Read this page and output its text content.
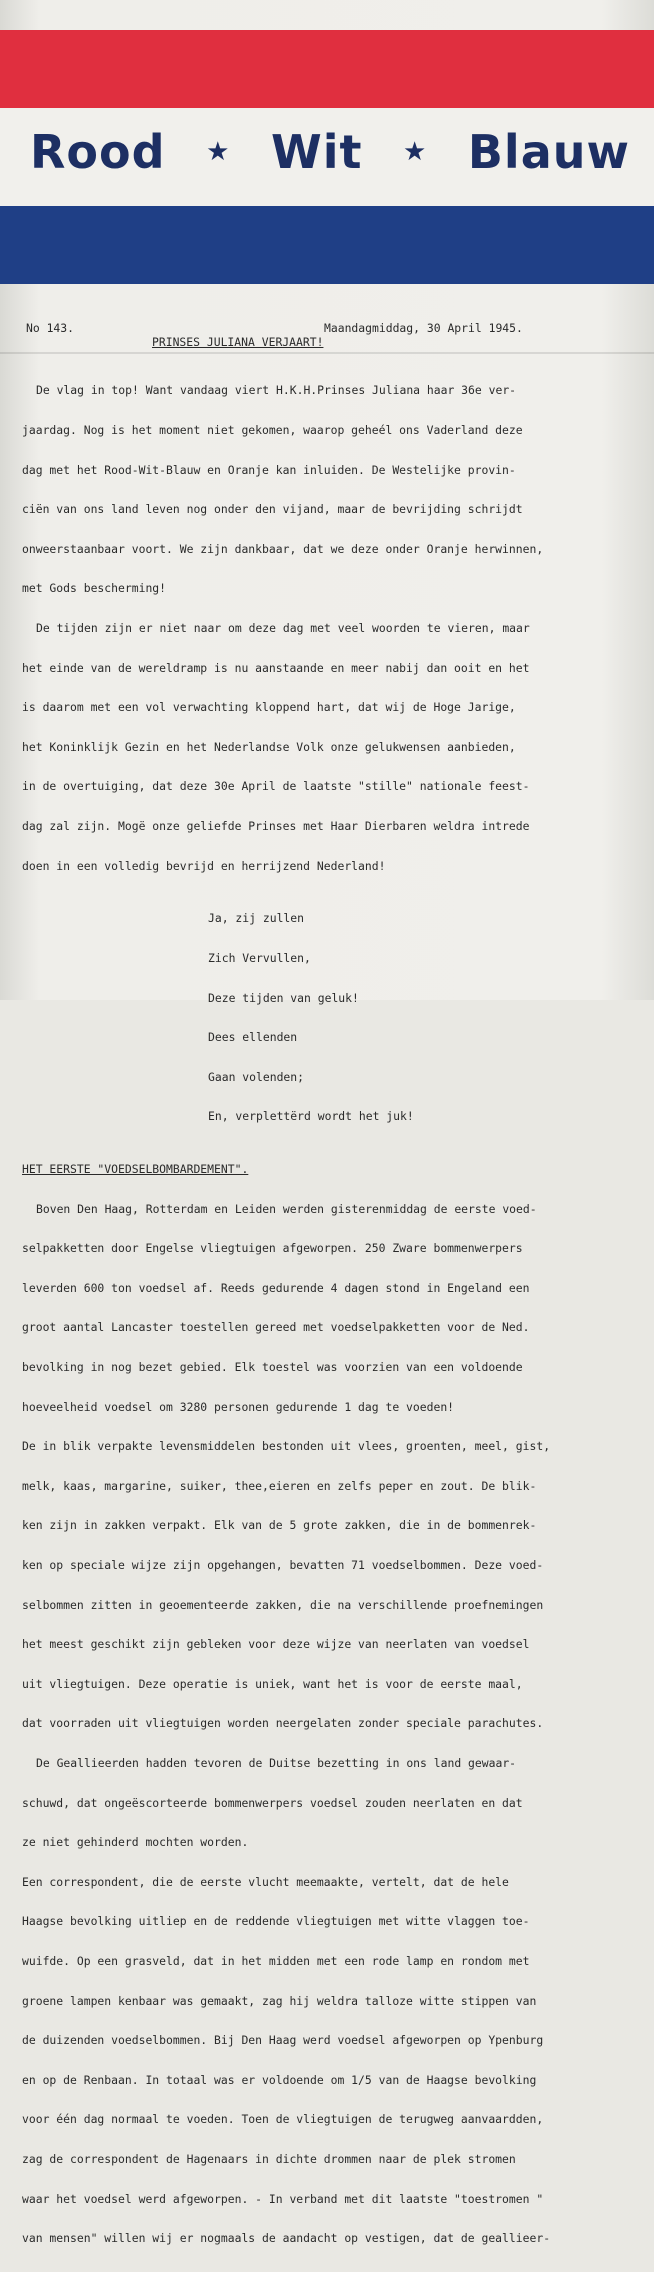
Rood ★ Wit ★ Blauw

No 143.

	Maandagmiddag, 30 April 1945.

PRINSES JULIANA VERJAART!

De vlag in top! Want vandaag viert H.K.H.Prinses Juliana haar 36e ver-

jaardag. Nog is het moment niet gekomen, waarop geheél ons Vaderland deze

dag met het Rood-Wit-Blauw en Oranje kan inluiden. De Westelijke provin-

ciën van ons land leven nog onder den vijand, maar de bevrijding schrijdt

onweerstaanbaar voort. We zijn dankbaar, dat we deze onder Oranje herwinnen,

met Gods bescherming!

De tijden zijn er niet naar om deze dag met veel woorden te vieren, maar

het einde van de wereldramp is nu aanstaande en meer nabij dan ooit en het

is daarom met een vol verwachting kloppend hart, dat wij de Hoge Jarige,

het Koninklijk Gezin en het Nederlandse Volk onze gelukwensen aanbieden,

in de overtuiging, dat deze 30e April de laatste "stille" nationale feest-

dag zal zijn. Mogë onze geliefde Prinses met Haar Dierbaren weldra intrede

doen in een volledig bevrijd en herrijzend Nederland!

Ja, zij zullen

Zich Vervullen,

Deze tijden van geluk!

Dees ellenden

Gaan volenden;

En, verplettërd wordt het juk!

HET EERSTE "VOEDSELBOMBARDEMENT".

Boven Den Haag, Rotterdam en Leiden werden gisterenmiddag de eerste voed-

selpakketten door Engelse vliegtuigen afgeworpen. 250 Zware bommenwerpers

leverden 600 ton voedsel af. Reeds gedurende 4 dagen stond in Engeland een

groot aantal Lancaster toestellen gereed met voedselpakketten voor de Ned.

bevolking in nog bezet gebied. Elk toestel was voorzien van een voldoende

hoeveelheid voedsel om 3280 personen gedurende 1 dag te voeden!

De in blik verpakte levensmiddelen bestonden uit vlees, groenten, meel, gist,

melk, kaas, margarine, suiker, thee,eieren en zelfs peper en zout. De blik-

ken zijn in zakken verpakt. Elk van de 5 grote zakken, die in de bommenrek-

ken op speciale wijze zijn opgehangen, bevatten 71 voedselbommen. Deze voed-

selbommen zitten in geoementeerde zakken, die na verschillende proefnemingen

het meest geschikt zijn gebleken voor deze wijze van neerlaten van voedsel

uit vliegtuigen. Deze operatie is uniek, want het is voor de eerste maal,

dat voorraden uit vliegtuigen worden neergelaten zonder speciale parachutes.

De Geallieerden hadden tevoren de Duitse bezetting in ons land gewaar-

schuwd, dat ongeëscorteerde bommenwerpers voedsel zouden neerlaten en dat

ze niet gehinderd mochten worden.

Een correspondent, die de eerste vlucht meemaakte, vertelt, dat de hele

Haagse bevolking uitliep en de reddende vliegtuigen met witte vlaggen toe-

wuifde. Op een grasveld, dat in het midden met een rode lamp en rondom met

groene lampen kenbaar was gemaakt, zag hij weldra talloze witte stippen van

de duizenden voedselbommen. Bij Den Haag werd voedsel afgeworpen op Ypenburg

en op de Renbaan. In totaal was er voldoende om 1/5 van de Haagse bevolking

voor één dag normaal te voeden. Toen de vliegtuigen de terugweg aanvaardden,

zag de correspondent de Hagenaars in dichte drommen naar de plek stromen

waar het voedsel werd afgeworpen. - In verband met dit laatste "toestromen "

van mensen" willen wij er nogmaals de aandacht op vestigen, dat de geallieer-
